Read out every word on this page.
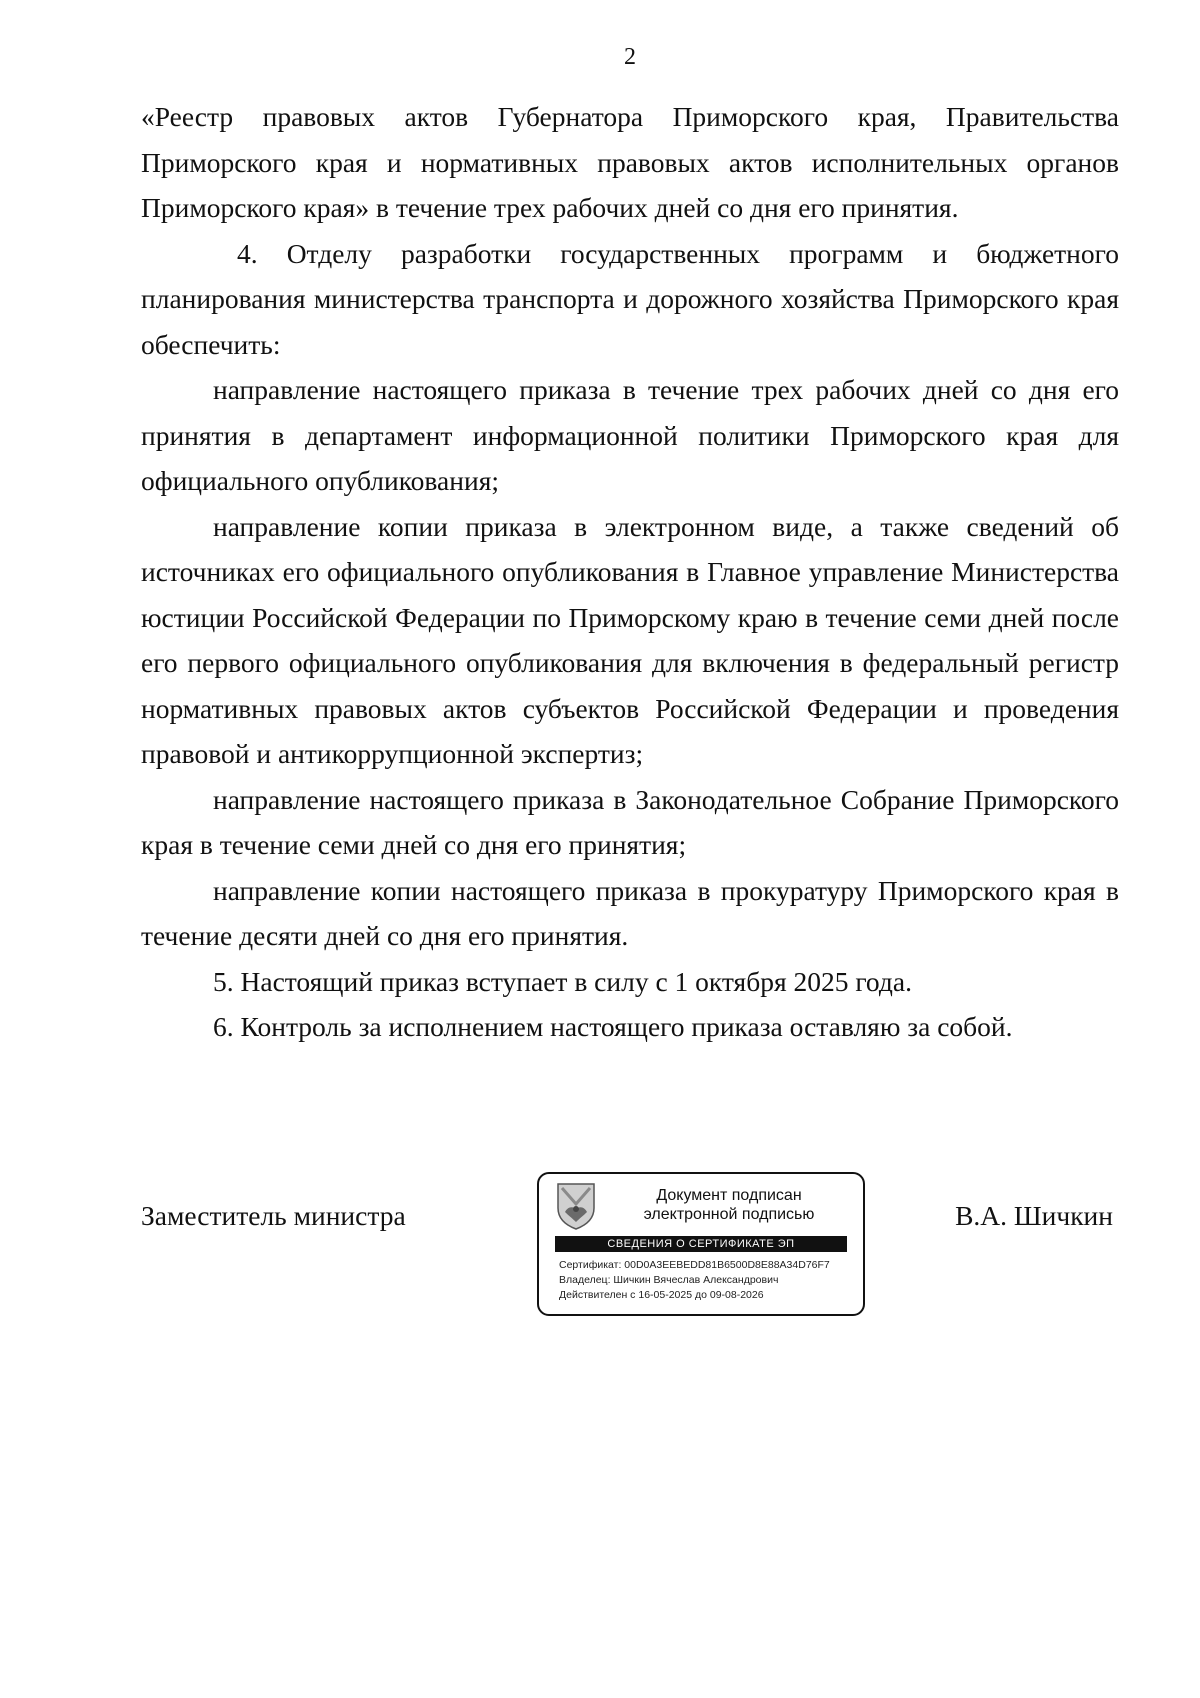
2

«Реестр правовых актов Губернатора Приморского края, Правительства Приморского края и нормативных правовых актов исполнительных органов Приморского края» в течение трех рабочих дней со дня его принятия.

4. Отделу разработки государственных программ и бюджетного планирования министерства транспорта и дорожного хозяйства Приморского края обеспечить:

направление настоящего приказа в течение трех рабочих дней со дня его принятия в департамент информационной политики Приморского края для официального опубликования;

направление копии приказа в электронном виде, а также сведений об источниках его официального опубликования в Главное управление Министерства юстиции Российской Федерации по Приморскому краю в течение семи дней после его первого официального опубликования для включения в федеральный регистр нормативных правовых актов субъектов Российской Федерации и проведения правовой и антикоррупционной экспертиз;

направление настоящего приказа в Законодательное Собрание Приморского края в течение семи дней со дня его принятия;

направление копии настоящего приказа в прокуратуру Приморского края в течение десяти дней со дня его принятия.

5. Настоящий приказ вступает в силу с 1 октября 2025 года.

6. Контроль за исполнением настоящего приказа оставляю за собой.

Заместитель министра	В.А. Шичкин
Документ подписан
электронной подписью
СВЕДЕНИЯ О СЕРТИФИКАТЕ ЭП
Сертификат: 00D0A3EEBEDD81B6500D8E88A34D76F7
Владелец: Шичкин Вячеслав Александрович
Действителен с 16-05-2025 до 09-08-2026
